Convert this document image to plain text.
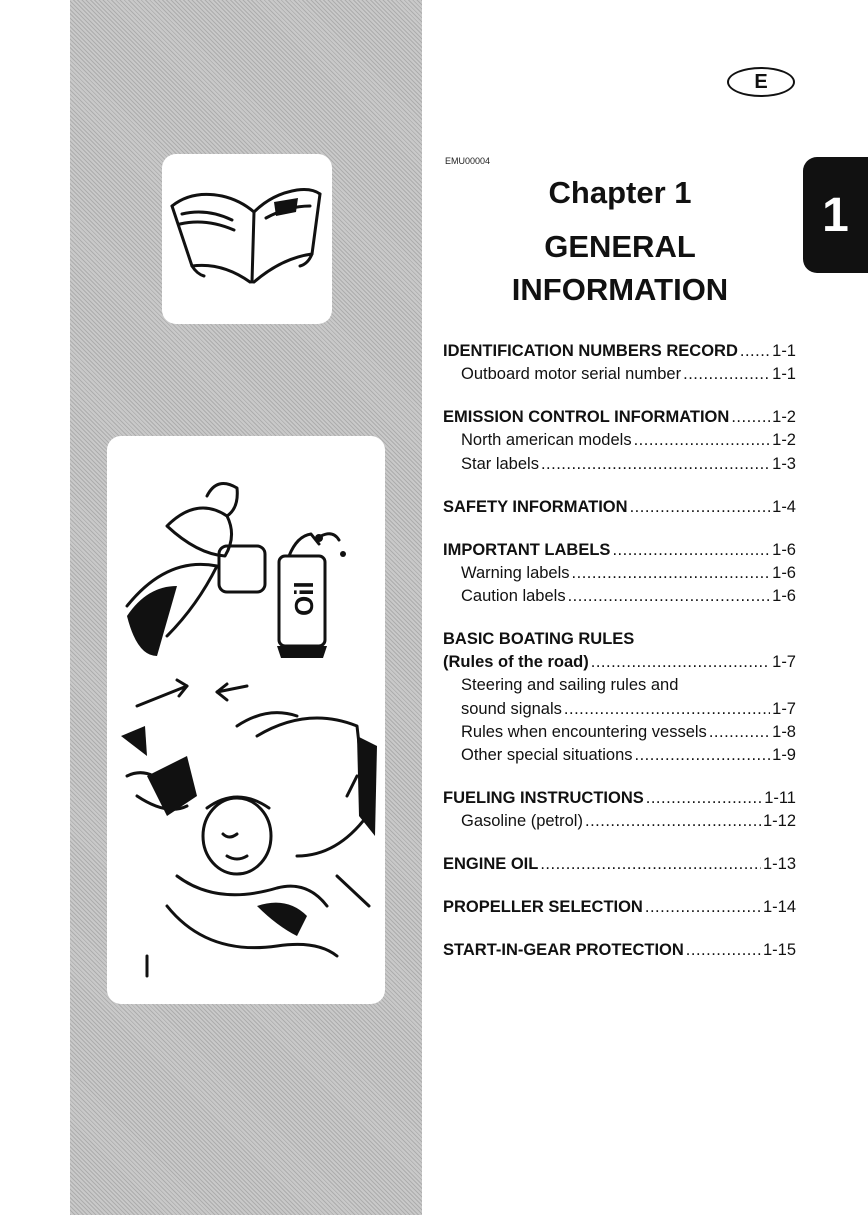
Oil
E
EMU00004
1
Chapter 1
GENERAL
INFORMATION
IDENTIFICATION NUMBERS RECORD ..... 1-1
Outboard motor serial number .....	1-1
EMISSION CONTROL INFORMATION .....	1-2
North american models .....	1-2
Star labels .....	1-3
SAFETY INFORMATION .....	1-4
IMPORTANT LABELS .....	1-6
Warning labels .....	1-6
Caution labels .....	1-6
BASIC BOATING RULES
(Rules of the road) .....	1-7
Steering and sailing rules and
sound signals .....	1-7
Rules when encountering vessels .....	1-8
Other special situations .....	1-9
FUELING INSTRUCTIONS .....	1-11
Gasoline (petrol) .....	1-12
ENGINE OIL .....	1-13
PROPELLER SELECTION .....	1-14
START-IN-GEAR PROTECTION .....	1-15
